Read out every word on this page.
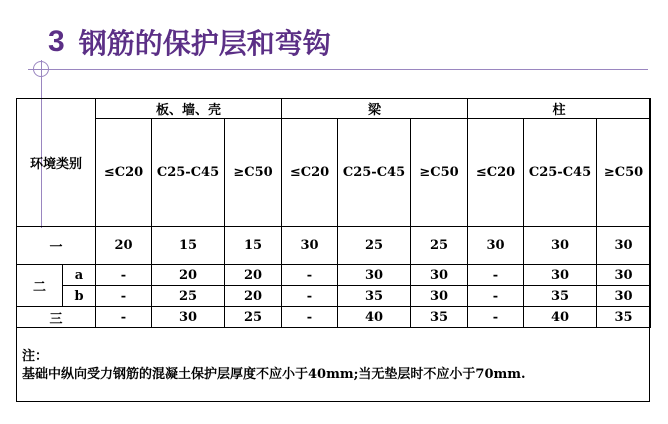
3 钢筋的保护层和弯钩
环境类别		板、墙、壳			梁			柱		
		≤C20	C25-C45	≥C50	≤C20	C25-C45	≥C50	≤C20	C25-C45	≥C50
一		20	15	15	30	25	25	30	30	30
二	a	-	20	20	-	30	30	-	30	30
	b	-	25	20	-	35	30	-	35	30
三		-	30	25	-	40	35	-	40	35
注：
基础中纵向受力钢筋的混凝土保护层厚度不应小于40mm;当无垫层时不应小于70mm.
